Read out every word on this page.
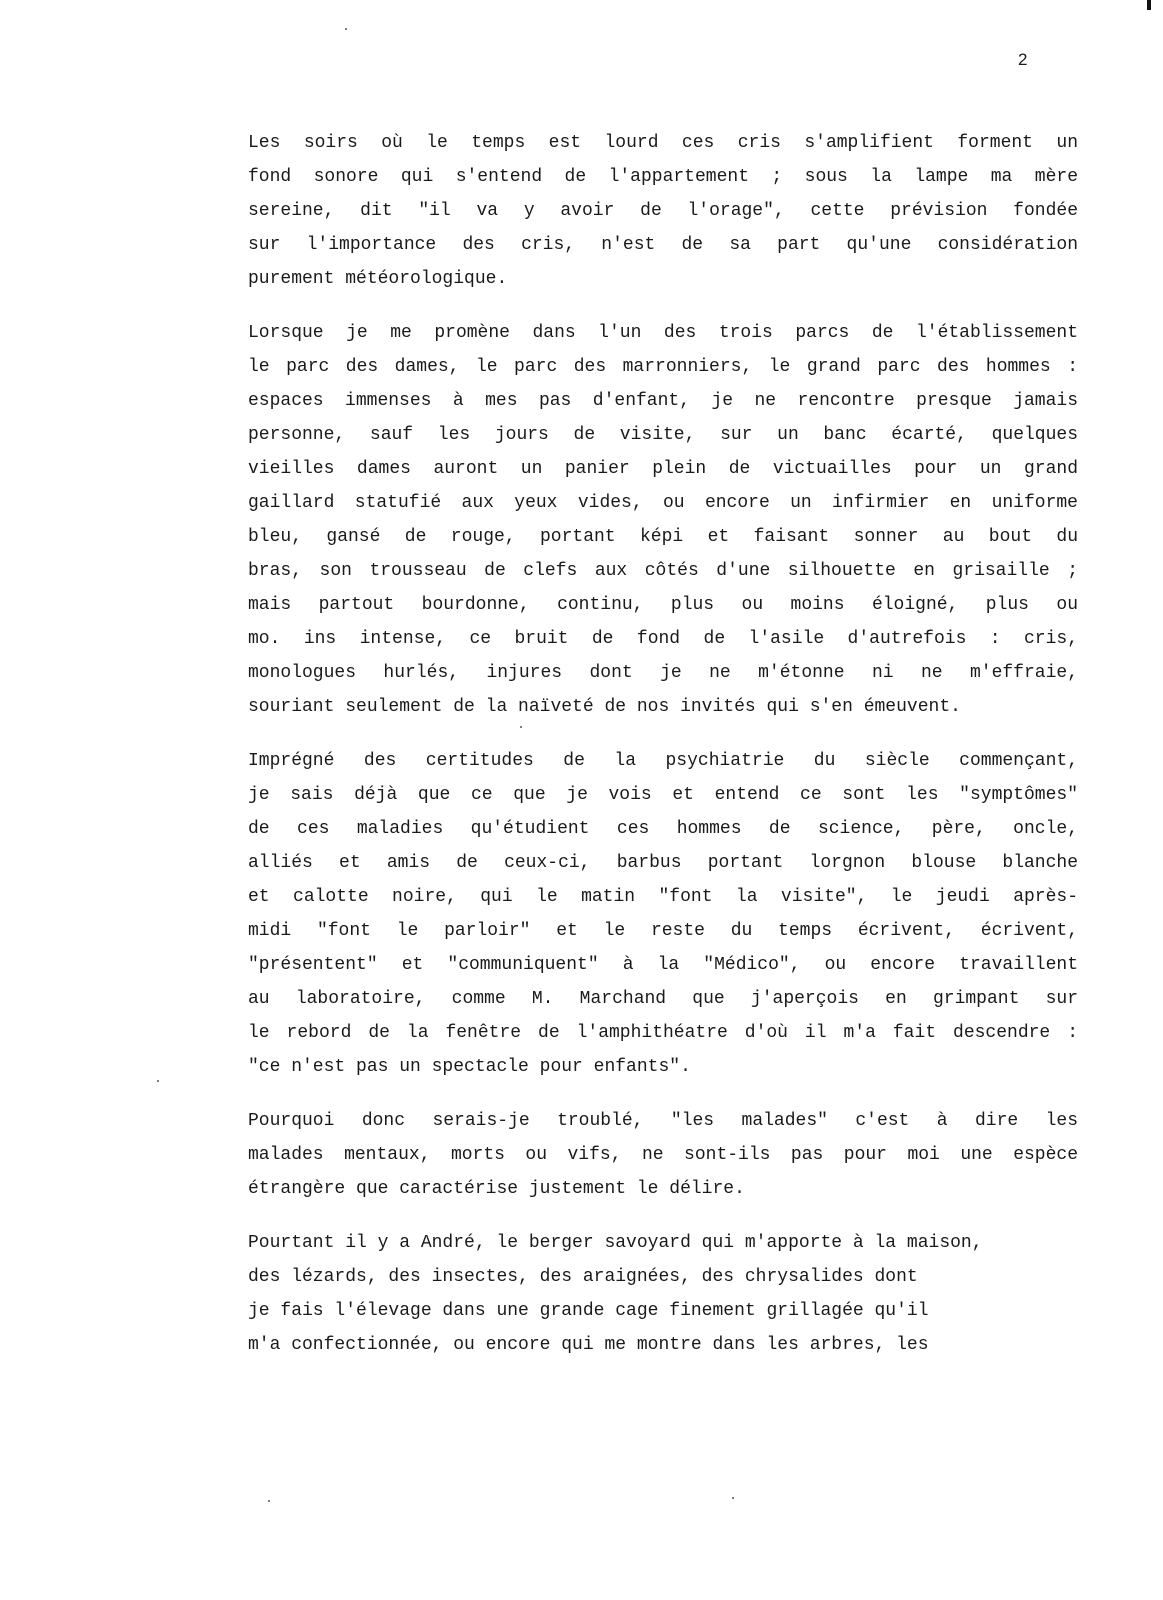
2

Les soirs où le temps est lourd ces cris s'amplifient forment un
fond sonore qui s'entend de l'appartement ; sous la lampe ma mère
sereine, dit "il va y avoir de l'orage", cette prévision fondée
sur l'importance des cris, n'est de sa part qu'une considération
purement météorologique.

Lorsque je me promène dans l'un des trois parcs de l'établissement
le parc des dames, le parc des marronniers, le grand parc des hommes :
espaces immenses à mes pas d'enfant, je ne rencontre presque jamais
personne, sauf les jours de visite, sur un banc écarté, quelques
vieilles dames auront un panier plein de victuailles pour un grand
gaillard statufié aux yeux vides, ou encore un infirmier en uniforme
bleu, gansé de rouge, portant képi et faisant sonner au bout du
bras, son trousseau de clefs aux côtés d'une silhouette en grisaille ;
mais partout bourdonne, continu, plus ou moins éloigné, plus ou
mo. ins intense, ce bruit de fond de l'asile d'autrefois : cris,
monologues hurlés, injures dont je ne m'étonne ni ne m'effraie,
souriant seulement de la naïveté de nos invités qui s'en émeuvent.

Imprégné des certitudes de la psychiatrie du siècle commençant,
je sais déjà que ce que je vois et entend ce sont les "symptômes"
de ces maladies qu'étudient ces hommes de science, père, oncle,
alliés et amis de ceux-ci, barbus portant lorgnon blouse blanche
et calotte noire, qui le matin "font la visite", le jeudi après-
midi "font le parloir" et le reste du temps écrivent, écrivent,
"présentent" et "communiquent" à la "Médico", ou encore travaillent
au laboratoire, comme M. Marchand que j'aperçois en grimpant sur
le rebord de la fenêtre de l'amphithéatre d'où il m'a fait descendre :
"ce n'est pas un spectacle pour enfants".

Pourquoi donc serais-je troublé, "les malades" c'est à dire les
malades mentaux, morts ou vifs, ne sont-ils pas pour moi une espèce
étrangère que caractérise justement le délire.

Pourtant il y a André, le berger savoyard qui m'apporte à la maison,
des lézards, des insectes, des araignées, des chrysalides dont
je fais l'élevage dans une grande cage finement grillagée qu'il
m'a confectionnée, ou encore qui me montre dans les arbres, les
